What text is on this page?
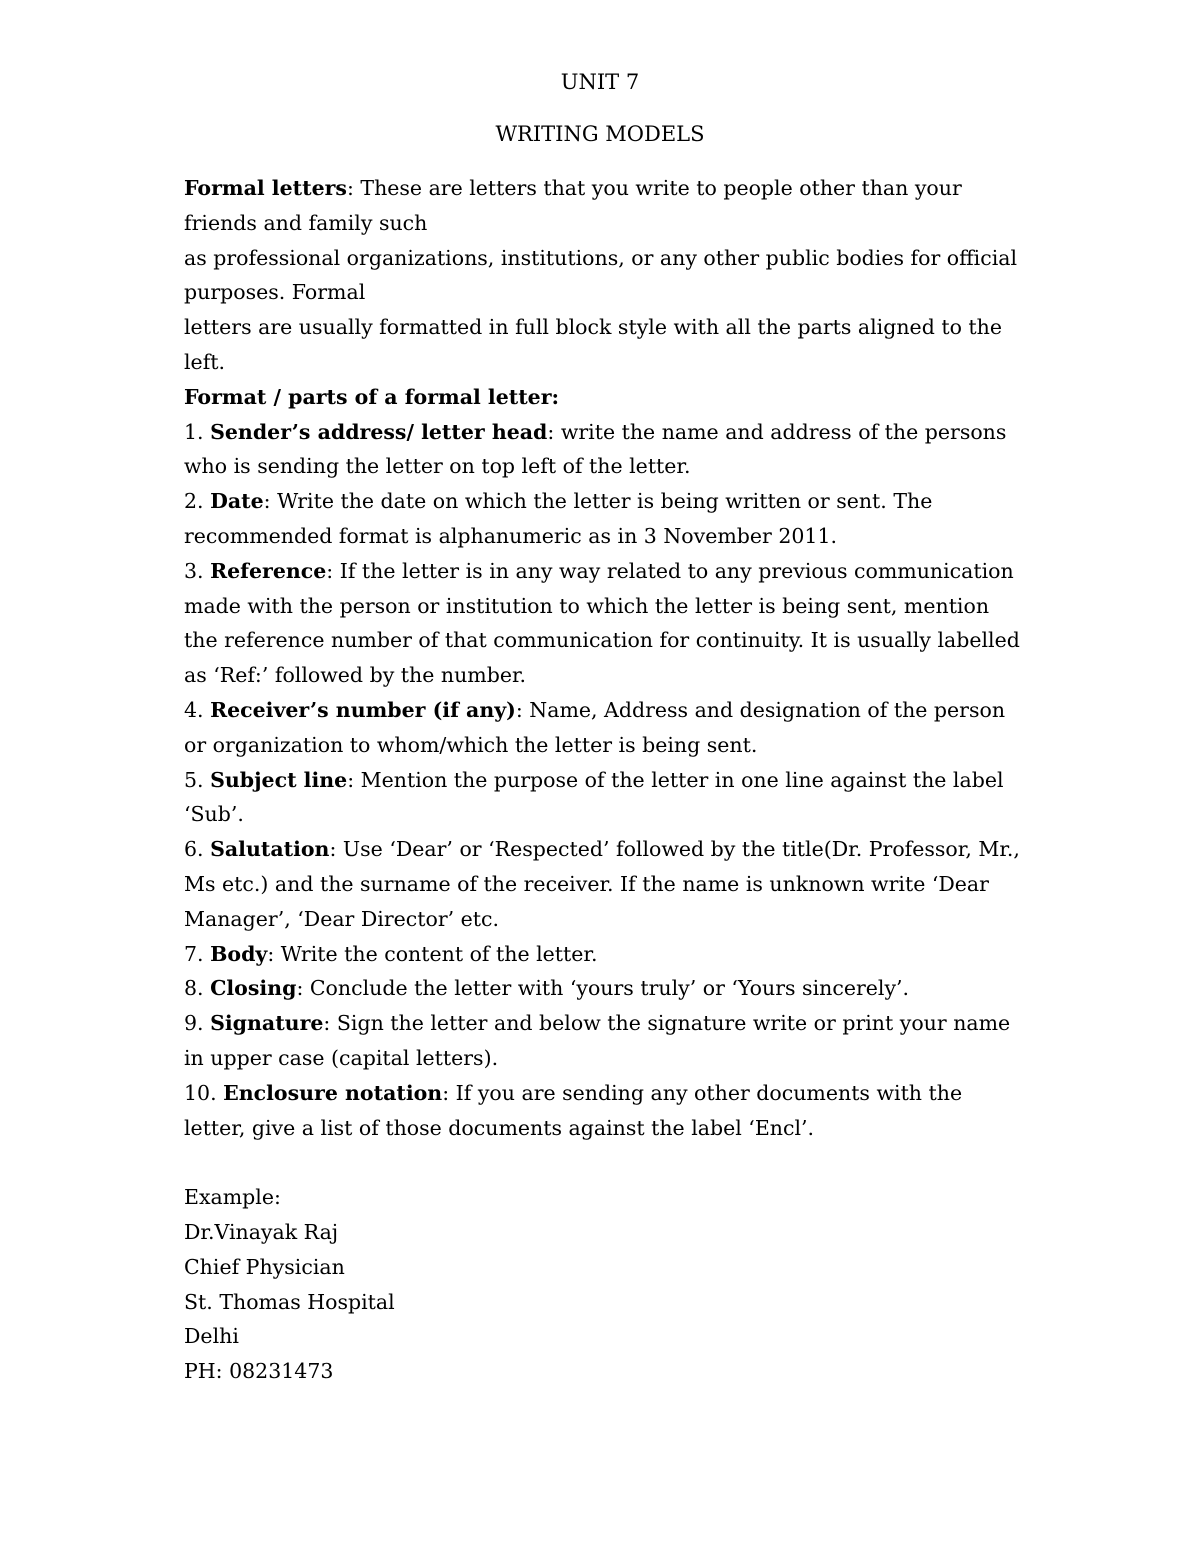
UNIT 7

WRITING MODELS

Formal letters: These are letters that you write to people other than your friends and family such

as professional organizations, institutions, or any other public bodies for official purposes. Formal

letters are usually formatted in full block style with all the parts aligned to the left.

Format / parts of a formal letter:

1. Sender’s address/ letter head: write the name and address of the persons who is sending the letter on top left of the letter.

2. Date: Write the date on which the letter is being written or sent. The recommended format is alphanumeric as in 3 November 2011.

3. Reference: If the letter is in any way related to any previous communication made with the person or institution to which the letter is being sent, mention the reference number of that communication for continuity. It is usually labelled as ‘Ref:’ followed by the number.

4. Receiver’s number (if any): Name, Address and designation of the person or organization to whom/which the letter is being sent.

5. Subject line: Mention the purpose of the letter in one line against the label ‘Sub’.

6. Salutation: Use ‘Dear’ or ‘Respected’ followed by the title(Dr. Professor, Mr., Ms etc.) and the surname of the receiver. If the name is unknown write ‘Dear Manager’, ‘Dear Director’ etc.

7. Body: Write the content of the letter.

8. Closing: Conclude the letter with ‘yours truly’ or ‘Yours sincerely’.

9. Signature: Sign the letter and below the signature write or print your name in upper case (capital letters).

10. Enclosure notation: If you are sending any other documents with the letter, give a list of those documents against the label ‘Encl’.

Example:

Dr.Vinayak Raj

Chief Physician

St. Thomas Hospital

Delhi

PH: 08231473
